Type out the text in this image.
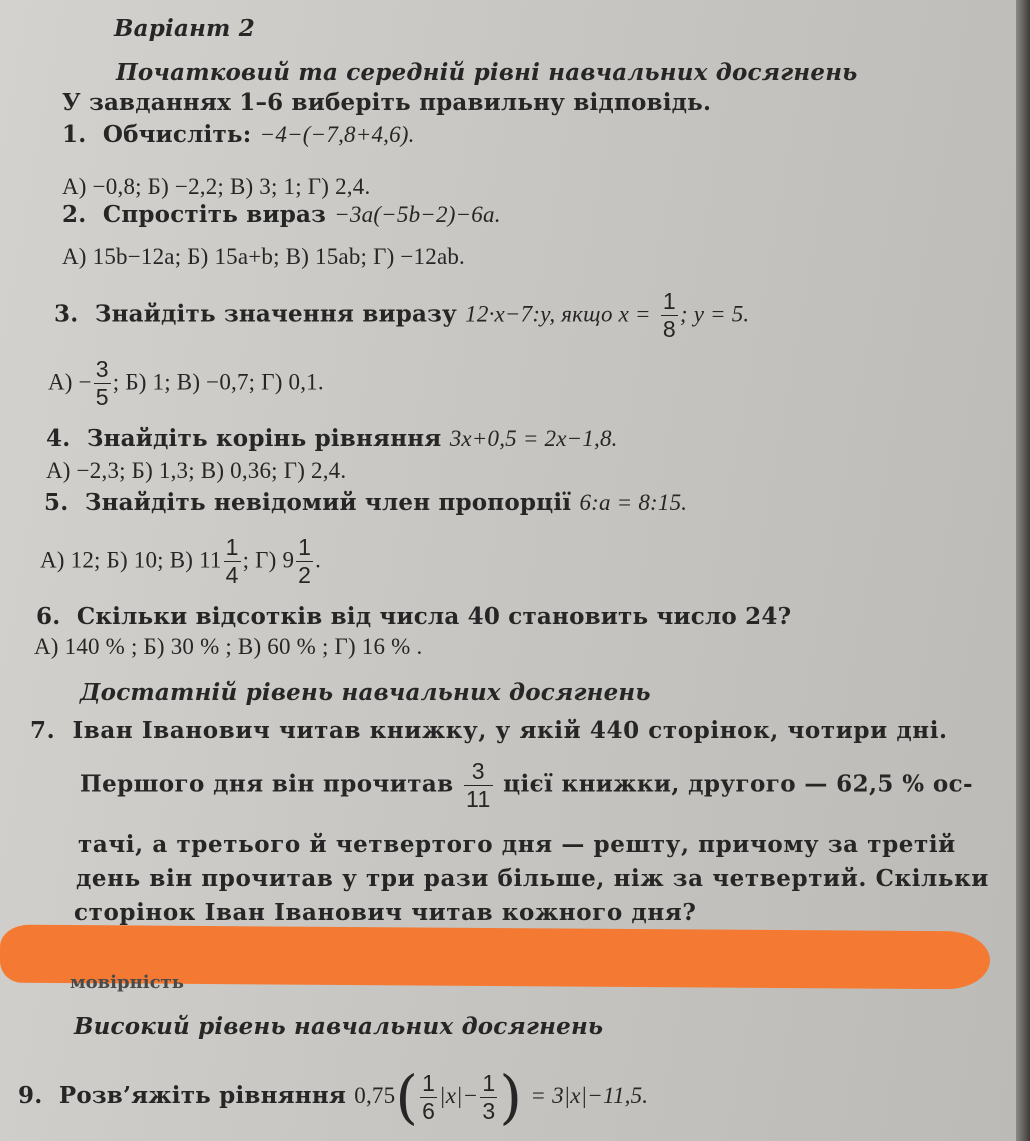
Варіант 2
Початковий та середній рівні навчальних досягнень
У завданнях 1–6 виберіть правильну відповідь.
1. Обчисліть: −4−(−7,8+4,6).
А) −0,8; Б) −2,2; В) 3; 1; Г) 2,4.
2. Спростіть вираз −3a(−5b−2)−6a.
А) 15b−12a; Б) 15a+b; В) 15ab; Г) −12ab.
3. Знайдіть значення виразу 12·x−7:y, якщо $x = \frac{1}{8}$ ; y = 5.
$А) - \frac{3}{5}$ ; Б) 1; В) −0,7; Г) 0,1.
4. Знайдіть корінь рівняння 3x+0,5 = 2x−1,8.
А) −2,3; Б) 1,3; В) 0,36; Г) 2,4.
5. Знайдіть невідомий член пропорції 6:a = 8:15.
А) 12; Б) 10; В) $11 \frac{1}{4}$ ; Г) $9 \frac{1}{2}$ .
6. Скільки відсотків від числа 40 становить число 24?
А) 140 % ; Б) 30 % ; В) 60 % ; Г) 16 % .
Достатній рівень навчальних досягнень
7. Іван Іванович читав книжку, у якій 440 сторінок, чотири дні.
Першого дня він прочитав $\frac{3}{11}$ цієї книжки, другого — 62,5 % ос-
тачі, а третього й четвертого дня — решту, причому за третій
день він прочитав у три рази більше, ніж за четвертий. Скільки
сторінок Іван Іванович читав кожного дня?
мовірність
Високий рівень навчальних досягнень
9. Розв’яжіть рівняння $0,75( \frac{1}{6} |x|- \frac{1}{3}$ ) = 3|x|−11,5.
